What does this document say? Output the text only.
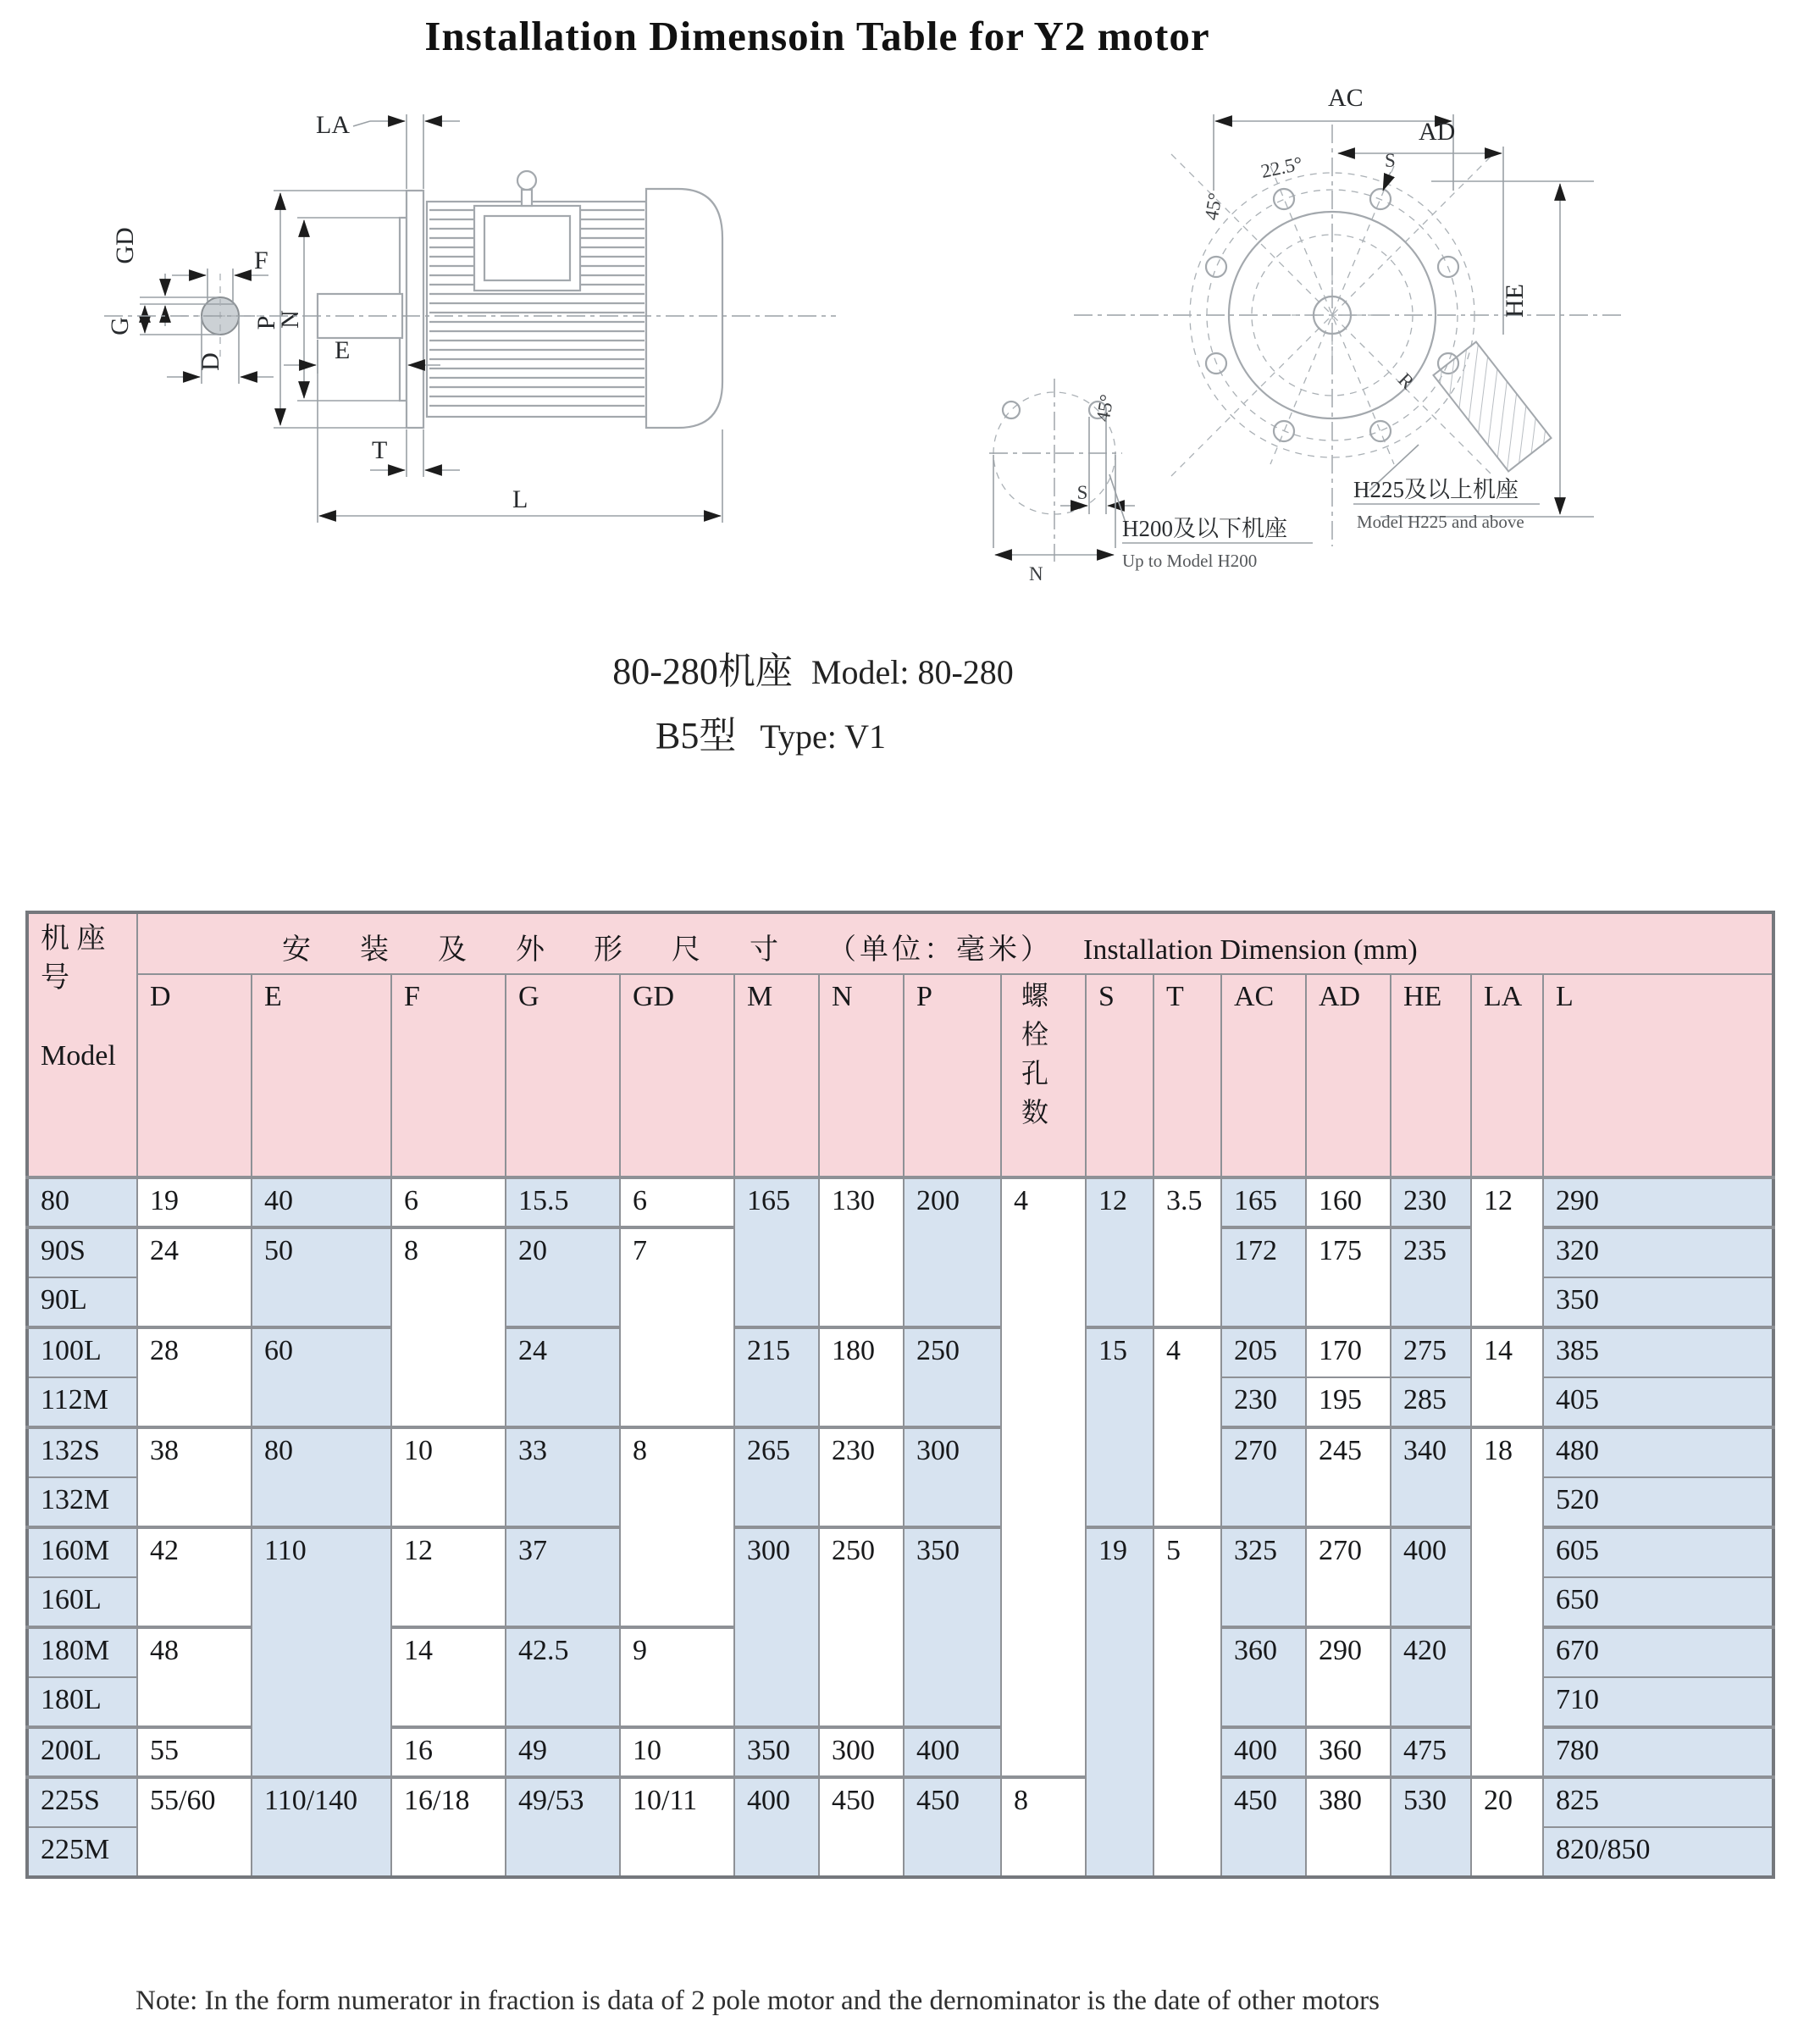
Installation Dimensoin Table for Y2 motor
F
GD
G
D
P
N
E
LA
T
L
AC
AD
S
22.5°
45°
R
HE
45°
S
N
H200及以下机座
Up to Model H200
H225及以上机座
Model H225 and above
80-280机座 Model: 80-280
B5型 Type: V1
机 座
号
Model	安装及外形尺寸（单位：毫米） Installation Dimension (mm)															
	D	E	F	G	GD	M	N	P	螺栓孔数	S	T	AC	AD	HE	LA	L
80	19	40	6	15.5	6	165	130	200	4	12	3.5	165	160	230	12	290
90S	24	50	8	20	7							172	175	235		320
90L																350
100L	28	60		24		215	180	250		15	4	205	170	275	14	385
112M												230	195	285		405
132S	38	80	10	33	8	265	230	300				270	245	340	18	480
132M																520
160M	42	110	12	37		300	250	350		19	5	325	270	400		605
160L																650
180M	48		14	42.5	9							360	290	420		670
180L																710
200L	55		16	49	10	350	300	400				400	360	475		780
225S	55/60	110/140	16/18	49/53	10/11	400	450	450	8			450	380	530	20	825
225M																820/850

Note: In the form numerator in fraction is data of 2 pole motor and the dernominator is the date of other motors
